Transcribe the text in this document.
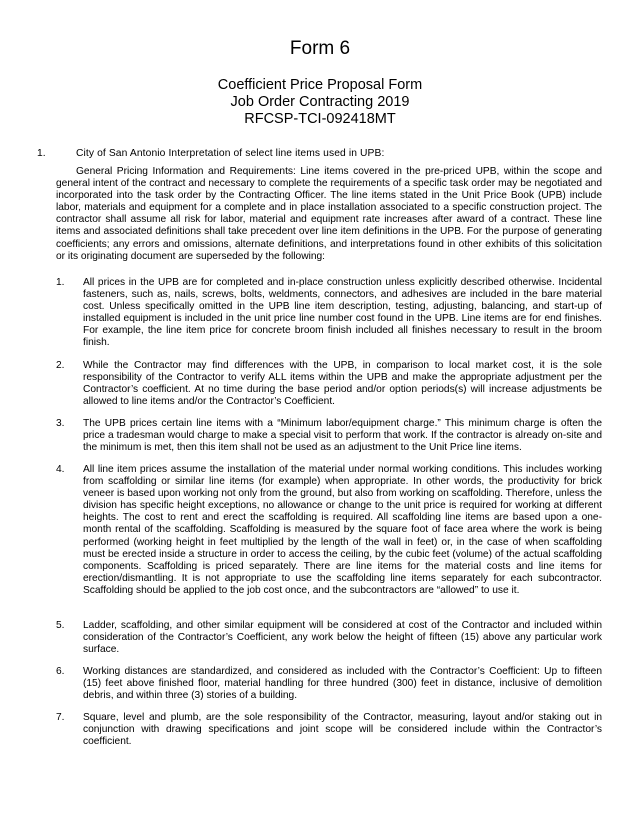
Form 6
Coefficient Price Proposal Form
Job Order Contracting 2019
RFCSP-TCI-092418MT
1.	City of San Antonio Interpretation of select line items used in UPB:

General Pricing Information and Requirements: Line items covered in the pre-priced UPB, within the scope and general intent of the contract and necessary to complete the requirements of a specific task order may be negotiated and incorporated into the task order by the Contracting Officer. The line items stated in the Unit Price Book (UPB) include labor, materials and equipment for a complete and in place installation associated to a specific construction project. The contractor shall assume all risk for labor, material and equipment rate increases after award of a contract. These line items and associated definitions shall take precedent over line item definitions in the UPB. For the purpose of generating coefficients; any errors and omissions, alternate definitions, and interpretations found in other exhibits of this solicitation or its originating document are superseded by the following:

1. All prices in the UPB are for completed and in-place construction unless explicitly described otherwise. Incidental fasteners, such as, nails, screws, bolts, weldments, connectors, and adhesives are included in the bare material cost. Unless specifically omitted in the UPB line item description, testing, adjusting, balancing, and start-up of installed equipment is included in the unit price line number cost found in the UPB. Line items are for end finishes. For example, the line item price for concrete broom finish included all finishes necessary to result in the broom finish.
2. While the Contractor may find differences with the UPB, in comparison to local market cost, it is the sole responsibility of the Contractor to verify ALL items within the UPB and make the appropriate adjustment per the Contractor’s coefficient. At no time during the base period and/or option periods(s) will increase adjustments be allowed to line items and/or the Contractor’s Coefficient.
3. The UPB prices certain line items with a “Minimum labor/equipment charge.” This minimum charge is often the price a tradesman would charge to make a special visit to perform that work. If the contractor is already on-site and the minimum is met, then this item shall not be used as an adjustment to the Unit Price line items.
4. All line item prices assume the installation of the material under normal working conditions. This includes working from scaffolding or similar line items (for example) when appropriate. In other words, the productivity for brick veneer is based upon working not only from the ground, but also from working on scaffolding. Therefore, unless the division has specific height exceptions, no allowance or change to the unit price is required for working at different heights. The cost to rent and erect the scaffolding is required. All scaffolding line items are based upon a one-month rental of the scaffolding. Scaffolding is measured by the square foot of face area where the work is being performed (working height in feet multiplied by the length of the wall in feet) or, in the case of when scaffolding must be erected inside a structure in order to access the ceiling, by the cubic feet (volume) of the actual scaffolding components. Scaffolding is priced separately. There are line items for the material costs and line items for erection/dismantling. It is not appropriate to use the scaffolding line items separately for each subcontractor. Scaffolding should be applied to the job cost once, and the subcontractors are “allowed” to use it.
5. Ladder, scaffolding, and other similar equipment will be considered at cost of the Contractor and included within consideration of the Contractor’s Coefficient, any work below the height of fifteen (15) above any particular work surface.
6. Working distances are standardized, and considered as included with the Contractor’s Coefficient: Up to fifteen (15) feet above finished floor, material handling for three hundred (300) feet in distance, inclusive of demolition debris, and within three (3) stories of a building.
7. Square, level and plumb, are the sole responsibility of the Contractor, measuring, layout and/or staking out in conjunction with drawing specifications and joint scope will be considered include within the Contractor’s coefficient.
